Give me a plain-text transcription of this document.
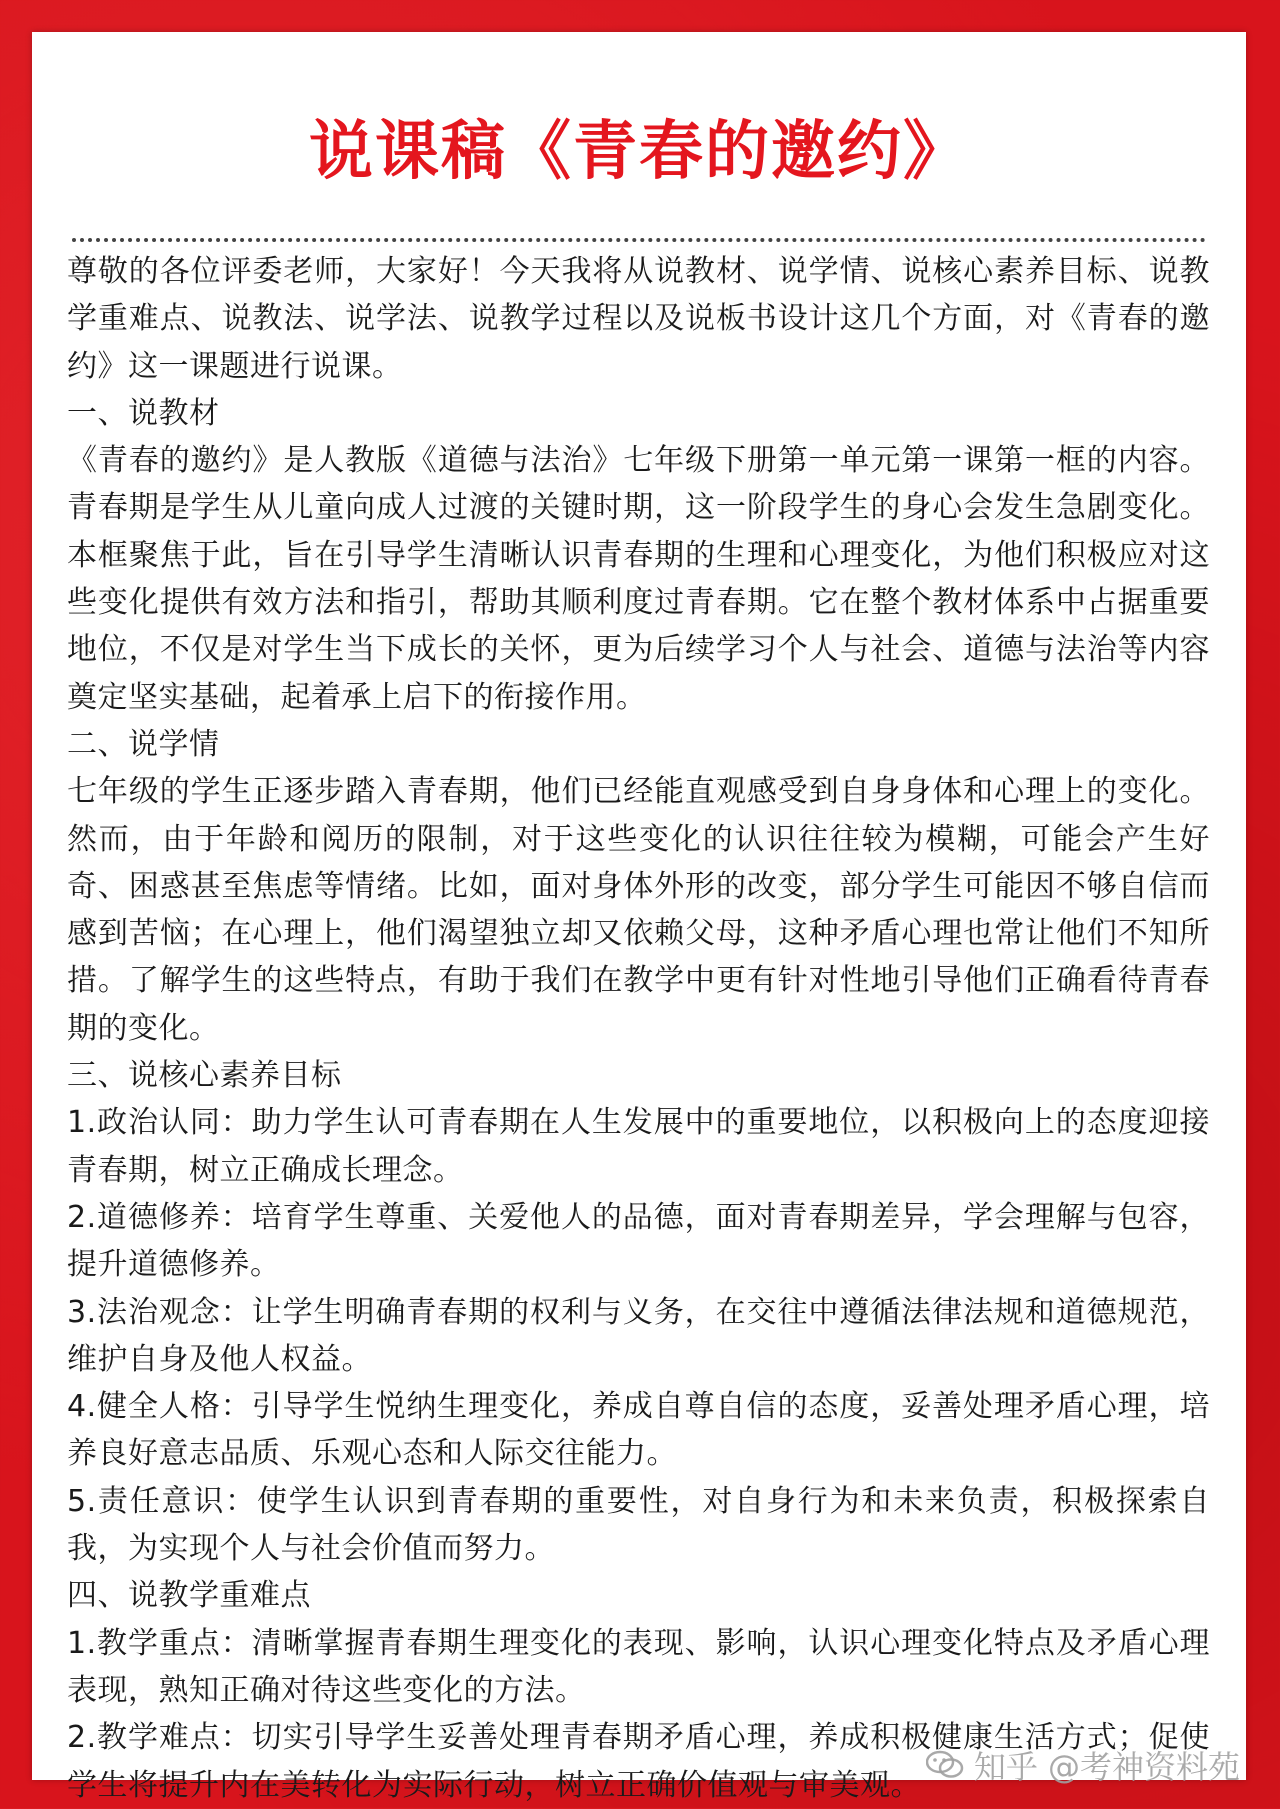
说课稿《青春的邀约》

尊敬的各位评委老师，大家好！今天我将从说教材、说学情、说核心素养目标、说教学重难点、说教法、说学法、说教学过程以及说板书设计这几个方面，对《青春的邀约》这一课题进行说课。

一、说教材

《青春的邀约》是人教版《道德与法治》七年级下册第一单元第一课第一框的内容。青春期是学生从儿童向成人过渡的关键时期，这一阶段学生的身心会发生急剧变化。本框聚焦于此，旨在引导学生清晰认识青春期的生理和心理变化，为他们积极应对这些变化提供有效方法和指引，帮助其顺利度过青春期。它在整个教材体系中占据重要地位，不仅是对学生当下成长的关怀，更为后续学习个人与社会、道德与法治等内容奠定坚实基础，起着承上启下的衔接作用。

二、说学情

七年级的学生正逐步踏入青春期，他们已经能直观感受到自身身体和心理上的变化。然而，由于年龄和阅历的限制，对于这些变化的认识往往较为模糊，可能会产生好奇、困惑甚至焦虑等情绪。比如，面对身体外形的改变，部分学生可能因不够自信而感到苦恼；在心理上，他们渴望独立却又依赖父母，这种矛盾心理也常让他们不知所措。了解学生的这些特点，有助于我们在教学中更有针对性地引导他们正确看待青春期的变化。

三、说核心素养目标

1.政治认同：助力学生认可青春期在人生发展中的重要地位，以积极向上的态度迎接青春期，树立正确成长理念。

2.道德修养：培育学生尊重、关爱他人的品德，面对青春期差异，学会理解与包容，提升道德修养。

3.法治观念：让学生明确青春期的权利与义务，在交往中遵循法律法规和道德规范，维护自身及他人权益。

4.健全人格：引导学生悦纳生理变化，养成自尊自信的态度，妥善处理矛盾心理，培养良好意志品质、乐观心态和人际交往能力。

5.责任意识：使学生认识到青春期的重要性，对自身行为和未来负责，积极探索自我，为实现个人与社会价值而努力。

四、说教学重难点

1.教学重点：清晰掌握青春期生理变化的表现、影响，认识心理变化特点及矛盾心理表现，熟知正确对待这些变化的方法。

2.教学难点：切实引导学生妥善处理青春期矛盾心理，养成积极健康生活方式；促使学生将提升内在美转化为实际行动，树立正确价值观与审美观。	知乎 @考神资料苑
